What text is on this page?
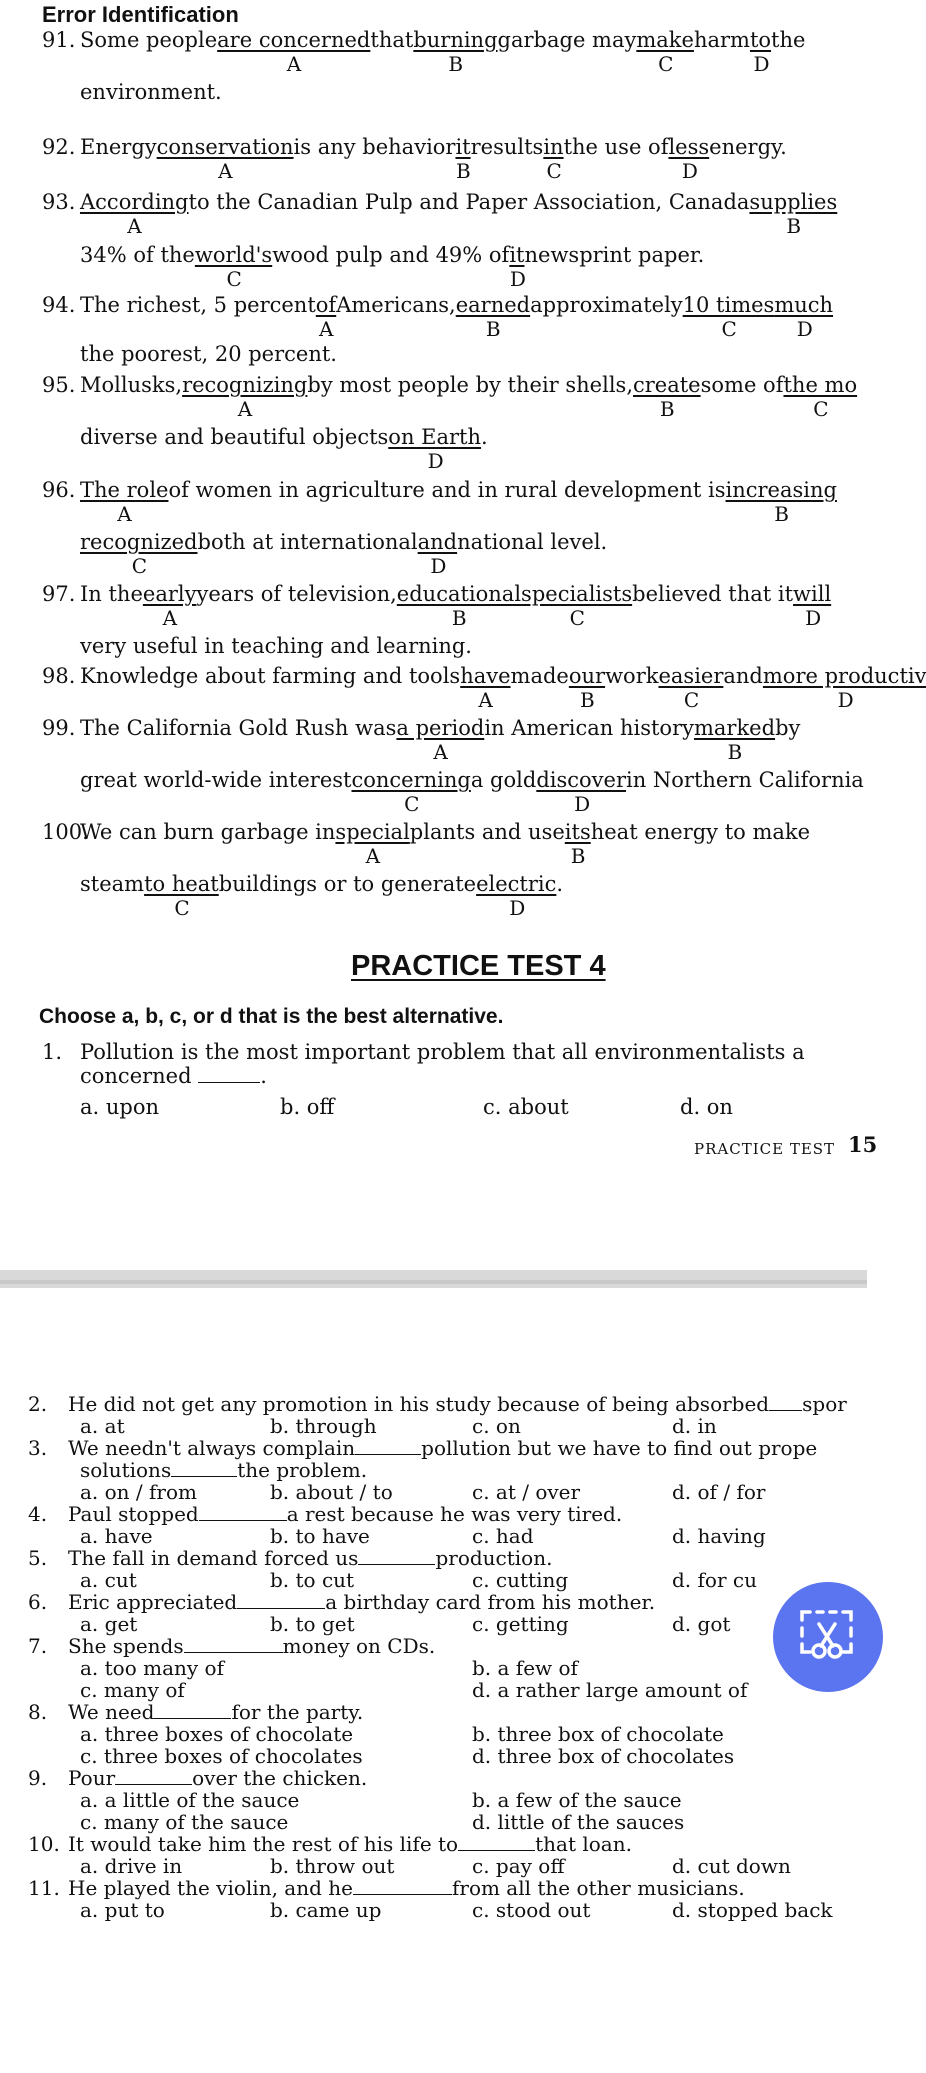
Error Identification
91. Some people are concerned
A
that burning
B
garbage may make
C
harm to
D
the
environment.
92. Energy conservation
A
is any behavior it
B
results in
C
the use of less
D
energy.
93. According
A
to the Canadian Pulp and Paper Association, Canada supplies
B
34% of the world's
C
wood pulp and 49% of it
D
newsprint paper.
94. The richest, 5 percent of
A
Americans, earned
B
approximately 10 times
C
much
D
the poorest, 20 percent.
95. Mollusks, recognizing
A
by most people by their shells, create
B
some of the mo
C
diverse and beautiful objects on Earth
D
.
96. The role
A
of women in agriculture and in rural development is increasing
B
recognized
C
both at international and
D
national level.
97. In the early
A
years of television, educational
B
specialists
C
believed that it will
D
very useful in teaching and learning.
98. Knowledge about farming and tools have
A
made our
B
work easier
C
and more productiv
D
99. The California Gold Rush was a period
A
in American history marked
B
by
great world-wide interest concerning
C
a gold discover
D
in Northern California
100.
We can burn garbage in special
A
plants and use its
B
heat energy to make
steam to heat
C
buildings or to generate electric
D
.
PRACTICE TEST 4
Choose a, b, c, or d that is the best alternative.
1. Pollution is the most important problem that all environmentalists a
concerned	.
a. upon	b. off	c. about	d. on
PRACTICE TEST 15
2. He did not get any promotion in his study because of being absorbed spor
a. at	b. through	c. on	d. in
3. We needn't always complain	pollution but we have to find out prope
solutions	the problem.
a. on / from	b. about / to	c. at / over	d. of / for
4. Paul stopped	a rest because he was very tired.
a. have	b. to have	c. had	d. having
5. The fall in demand forced us	production.
a. cut	b. to cut	c. cutting	d. for cu
6. Eric appreciated	a birthday card from his mother.
a. get	b. to get	c. getting	d. got
7. She spends	money on CDs.
a. too many of	b. a few of
c. many of	d. a rather large amount of
8. We need	for the party.
a. three boxes of chocolate	b. three box of chocolate
c. three boxes of chocolates	d. three box of chocolates
9. Pour	over the chicken.
a. a little of the sauce	b. a few of the sauce
c. many of the sauce	d. little of the sauces
10. It would take him the rest of his life to	that loan.
a. drive in	b. throw out	c. pay off	d. cut down
11. He played the violin, and he	from all the other musicians.
a. put to	b. came up	c. stood out	d. stopped back
